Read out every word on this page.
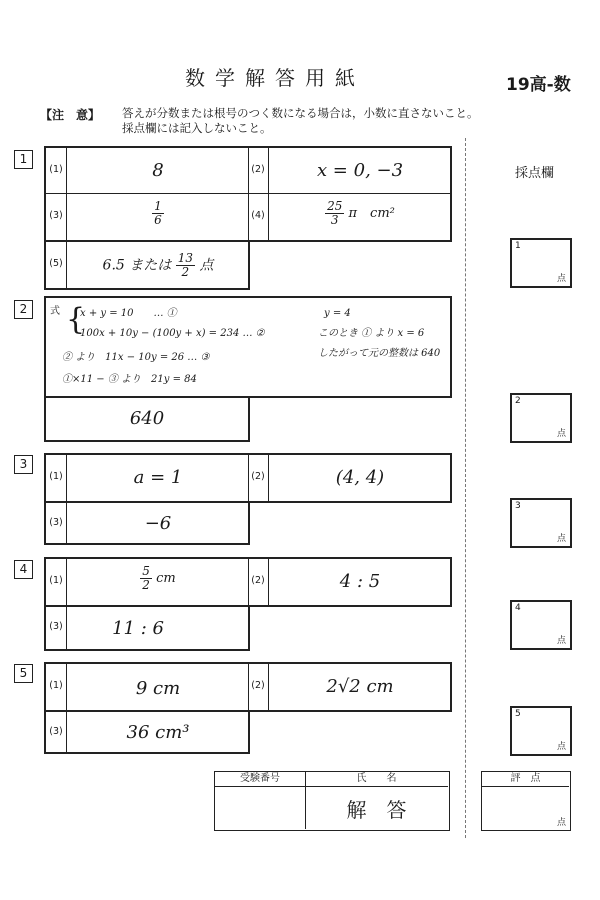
数学解答用紙	19高-数
【注　意】 答えが分数または根号のつく数になる場合は，小数に直さないこと。
採点欄には記入しないこと。
採点欄
1
(1)	8	(2)	x = 0, −3
(3)	$\frac{1}{6}$	(4)	$\frac{25}{3}$ π　cm²
(5)	6.5 または $\frac{13}{2}$ 点
2	式 {
x + y = 10　　… ①
100x + 10y − (100y + x) = 234 … ②
② より　11x − 10y = 26 … ③
①×11 − ③ より　21y = 84
y = 4
このとき ① より x = 6
したがって元の整数は 640
640
3
(1)	a = 1	(2)	(4, 4)
(3)	−6
4
(1)	$\frac{5}{2}$ cm	(2)	4 : 5
(3)	11 : 6
5
(1)	9 cm	(2)	2√2 cm
(3)	36 cm³
1
点
2
点
3
点
4
点
5
点
受験番号	氏　　名
解　答
評　点
点
